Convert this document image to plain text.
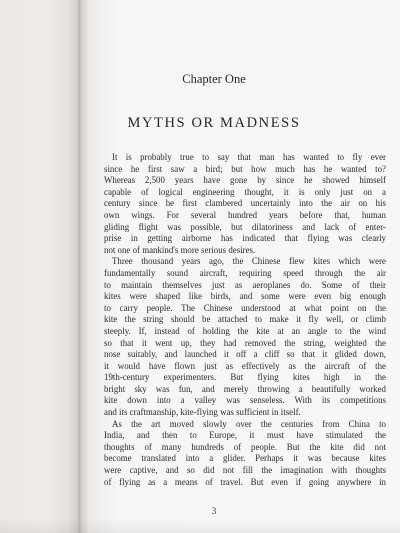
Chapter One
MYTHS OR MADNESS
It is probably true to say that man has wanted to fly ever
since he first saw a bird; but how much has he wanted to?
Whereas 2,500 years have gone by since he showed himself
capable of logical engineering thought, it is only just on a
century since he first clambered uncertainly into the air on his
own wings. For several hundred years before that, human
gliding flight was possible, but dilatoriness and lack of enter-
prise in getting airborne has indicated that flying was clearly
not one of mankind's more serious desires.
Three thousand years ago, the Chinese flew kites which were
fundamentally sound aircraft, requiring speed through the air
to maintain themselves just as aeroplanes do. Some of their
kites were shaped like birds, and some were even big enough
to carry people. The Chinese understood at what point on the
kite the string should be attached to make it fly well, or climb
steeply. If, instead of holding the kite at an angle to the wind
so that it went up, they had removed the string, weighted the
nose suitably, and launched it off a cliff so that it glided down,
it would have flown just as effectively as the aircraft of the
19th-century experimenters. But flying kites high in the
bright sky was fun, and merely throwing a beautifully worked
kite down into a valley was senseless. With its competitions
and its craftmanship, kite-flying was sufficient in itself.
As the art moved slowly over the centuries from China to
India, and then to Europe, it must have stimulated the
thoughts of many hundreds of people. But the kite did not
become translated into a glider. Perhaps it was because kites
were captive, and so did not fill the imagination with thoughts
of flying as a means of travel. But even if going anywhere in
3
